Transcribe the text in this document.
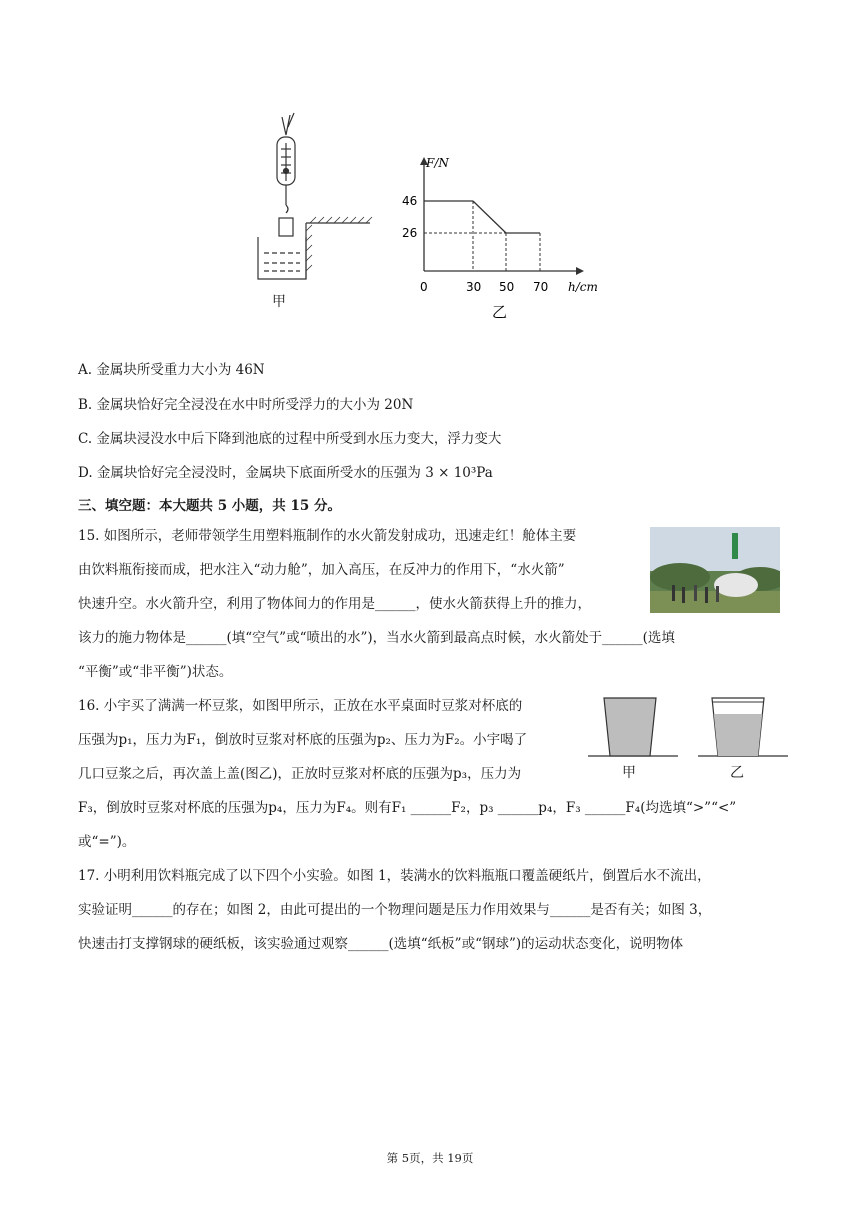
甲
F/N
h/cm
46
26
0	30 50 70
乙
A. 金属块所受重力大小为 46N
B. 金属块恰好完全浸没在水中时所受浮力的大小为 20N
C. 金属块浸没水中后下降到池底的过程中所受到水压力变大，浮力变大
D. 金属块恰好完全浸没时，金属块下底面所受水的压强为 3 × 10³Pa
三、填空题：本大题共 5 小题，共 15 分。
15. 如图所示，老师带领学生用塑料瓶制作的水火箭发射成功，迅速走红！舱体主要
由饮料瓶衔接而成，把水注入“动力舱”，加入高压，在反冲力的作用下，“水火箭”
快速升空。水火箭升空，利用了物体间力的作用是______，使水火箭获得上升的推力，
该力的施力物体是______(填“空气”或“喷出的水”)，当水火箭到最高点时候，水火箭处于______(选填
“平衡”或“非平衡”)状态。
16. 小宇买了满满一杯豆浆，如图甲所示，正放在水平桌面时豆浆对杯底的
压强为p₁，压力为F₁，倒放时豆浆对杯底的压强为p₂、压力为F₂。小宇喝了
几口豆浆之后，再次盖上盖(图乙)，正放时豆浆对杯底的压强为p₃，压力为
F₃，倒放时豆浆对杯底的压强为p₄，压力为F₄。则有F₁ ______F₂，p₃ ______p₄，F₃ ______F₄(均选填“>”“<”
或“=”)。
甲	乙
17. 小明利用饮料瓶完成了以下四个小实验。如图 1，装满水的饮料瓶瓶口覆盖硬纸片，倒置后水不流出，
实验证明______的存在；如图 2，由此可提出的一个物理问题是压力作用效果与______是否有关；如图 3，
快速击打支撑钢球的硬纸板，该实验通过观察______(选填“纸板”或“钢球”)的运动状态变化，说明物体
第 5页，共 19页
